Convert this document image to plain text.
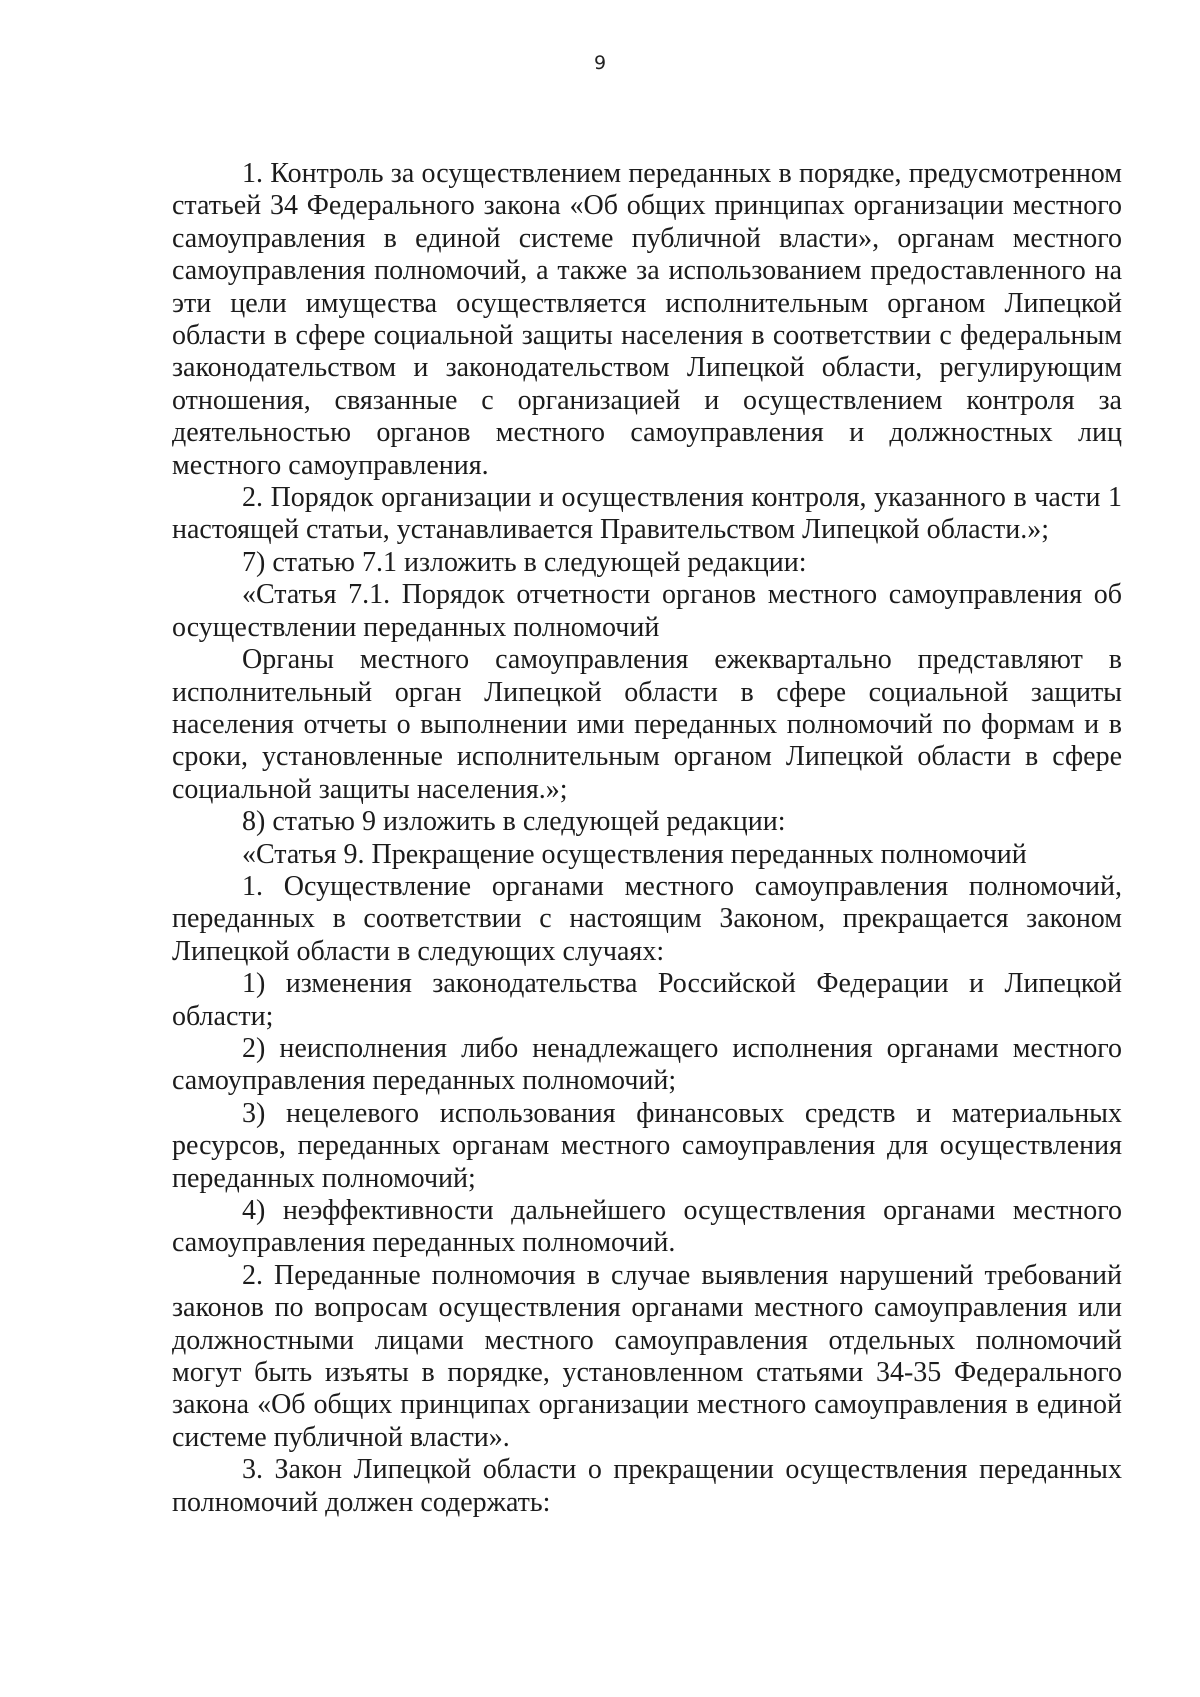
9

1. Контроль за осуществлением переданных в порядке, предусмотренном статьей 34 Федерального закона «Об общих принципах организации местного самоуправления в единой системе публичной власти», органам местного самоуправления полномочий, а также за использованием предоставленного на эти цели имущества осуществляется исполнительным органом Липецкой области в сфере социальной защиты населения в соответствии с федеральным законодательством и законодательством Липецкой области, регулирующим отношения, связанные с организацией и осуществлением контроля за деятельностью органов местного самоуправления и должностных лиц местного самоуправления.

2. Порядок организации и осуществления контроля, указанного в части 1 настоящей статьи, устанавливается Правительством Липецкой области.»;

7) статью 7.1 изложить в следующей редакции:

«Статья 7.1. Порядок отчетности органов местного самоуправления об осуществлении переданных полномочий

Органы местного самоуправления ежеквартально представляют в исполнительный орган Липецкой области в сфере социальной защиты населения отчеты о выполнении ими переданных полномочий по формам и в сроки, установленные исполнительным органом Липецкой области в сфере социальной защиты населения.»;

8) статью 9 изложить в следующей редакции:

«Статья 9. Прекращение осуществления переданных полномочий

1. Осуществление органами местного самоуправления полномочий, переданных в соответствии с настоящим Законом, прекращается законом Липецкой области в следующих случаях:

1) изменения законодательства Российской Федерации и Липецкой области;

2) неисполнения либо ненадлежащего исполнения органами местного самоуправления переданных полномочий;

3) нецелевого использования финансовых средств и материальных ресурсов, переданных органам местного самоуправления для осуществления переданных полномочий;

4) неэффективности дальнейшего осуществления органами местного самоуправления переданных полномочий.

2. Переданные полномочия в случае выявления нарушений требований законов по вопросам осуществления органами местного самоуправления или должностными лицами местного самоуправления отдельных полномочий могут быть изъяты в порядке, установленном статьями 34-35 Федерального закона «Об общих принципах организации местного самоуправления в единой системе публичной власти».

3. Закон Липецкой области о прекращении осуществления переданных полномочий должен содержать:
